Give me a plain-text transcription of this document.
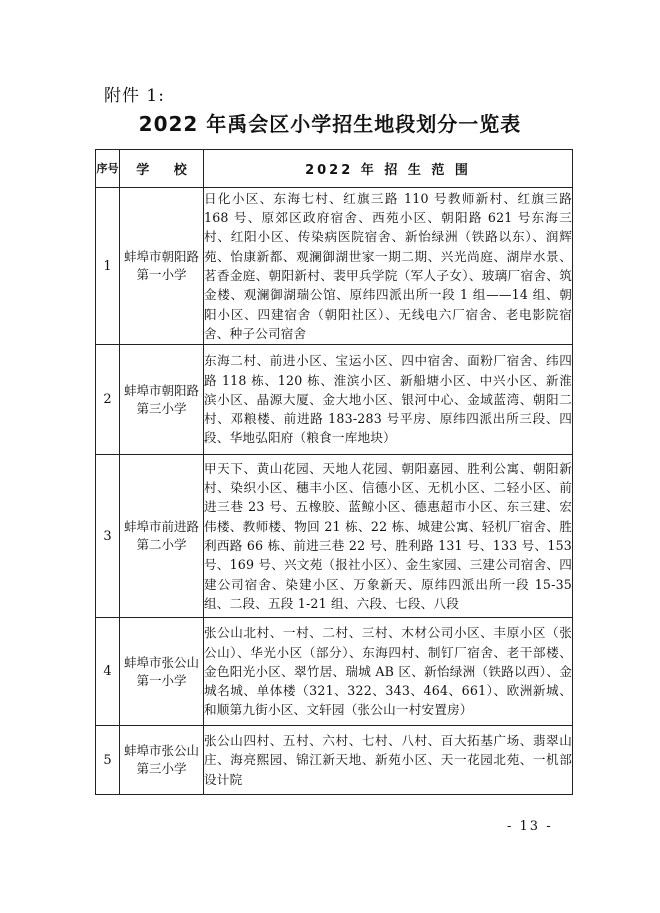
附件 1:
2022 年禹会区小学招生地段划分一览表
序号	学 校	2022 年 招 生 范 围
1	蚌埠市朝阳路第一小学	日化小区、东海七村、红旗三路 110 号教师新村、红旗三路 168 号、原郊区政府宿舍、西苑小区、朝阳路 621 号东海三村、红阳小区、传染病医院宿舍、新怡绿洲（铁路以东）、润辉苑、怡康新都、观澜御湖世家一期二期、兴光尚庭、湖岸水景、茗香金庭、朝阳新村、裴甲兵学院（军人子女）、玻璃厂宿舍、筑金楼、观澜御湖瑞公馆、原纬四派出所一段 1 组——14 组、朝阳小区、四建宿舍（朝阳社区）、无线电六厂宿舍、老电影院宿舍、种子公司宿舍
2	蚌埠市朝阳路第三小学	东海二村、前进小区、宝运小区、四中宿舍、面粉厂宿舍、纬四路 118 栋、120 栋、淮滨小区、新船塘小区、中兴小区、新淮滨小区、晶源大厦、金大地小区、银河中心、金域蓝湾、朝阳二村、邓粮楼、前进路 183-283 号平房、原纬四派出所三段、四段、华地弘阳府（粮食一库地块）
3	蚌埠市前进路第二小学	甲天下、黄山花园、天地人花园、朝阳嘉园、胜利公寓、朝阳新村、染织小区、穗丰小区、信德小区、无机小区、二轻小区、前进三巷 23 号、五橡胶、蓝鲸小区、德惠超市小区、东三建、宏伟楼、教师楼、物回 21 栋、22 栋、城建公寓、轻机厂宿舍、胜利西路 66 栋、前进三巷 22 号、胜利路 131 号、133 号、153 号、169 号、兴文苑（报社小区）、金生家园、三建公司宿舍、四建公司宿舍、染建小区、万象新天、原纬四派出所一段 15-35 组、二段、五段 1-21 组、六段、七段、八段
4	蚌埠市张公山第一小学	张公山北村、一村、二村、三村、木材公司小区、丰原小区（张公山）、华光小区（部分）、东海四村、制钉厂宿舍、老干部楼、金色阳光小区、翠竹居、瑞城 AB 区、新怡绿洲（铁路以西）、金城名城、单体楼（321、322、343、464、661）、欧洲新城、和顺第九街小区、文轩园（张公山一村安置房）
5	蚌埠市张公山第三小学	张公山四村、五村、六村、七村、八村、百大拓基广场、翡翠山庄、海亮熙园、锦江新天地、新苑小区、天一花园北苑、一机部设计院
- 13 -
